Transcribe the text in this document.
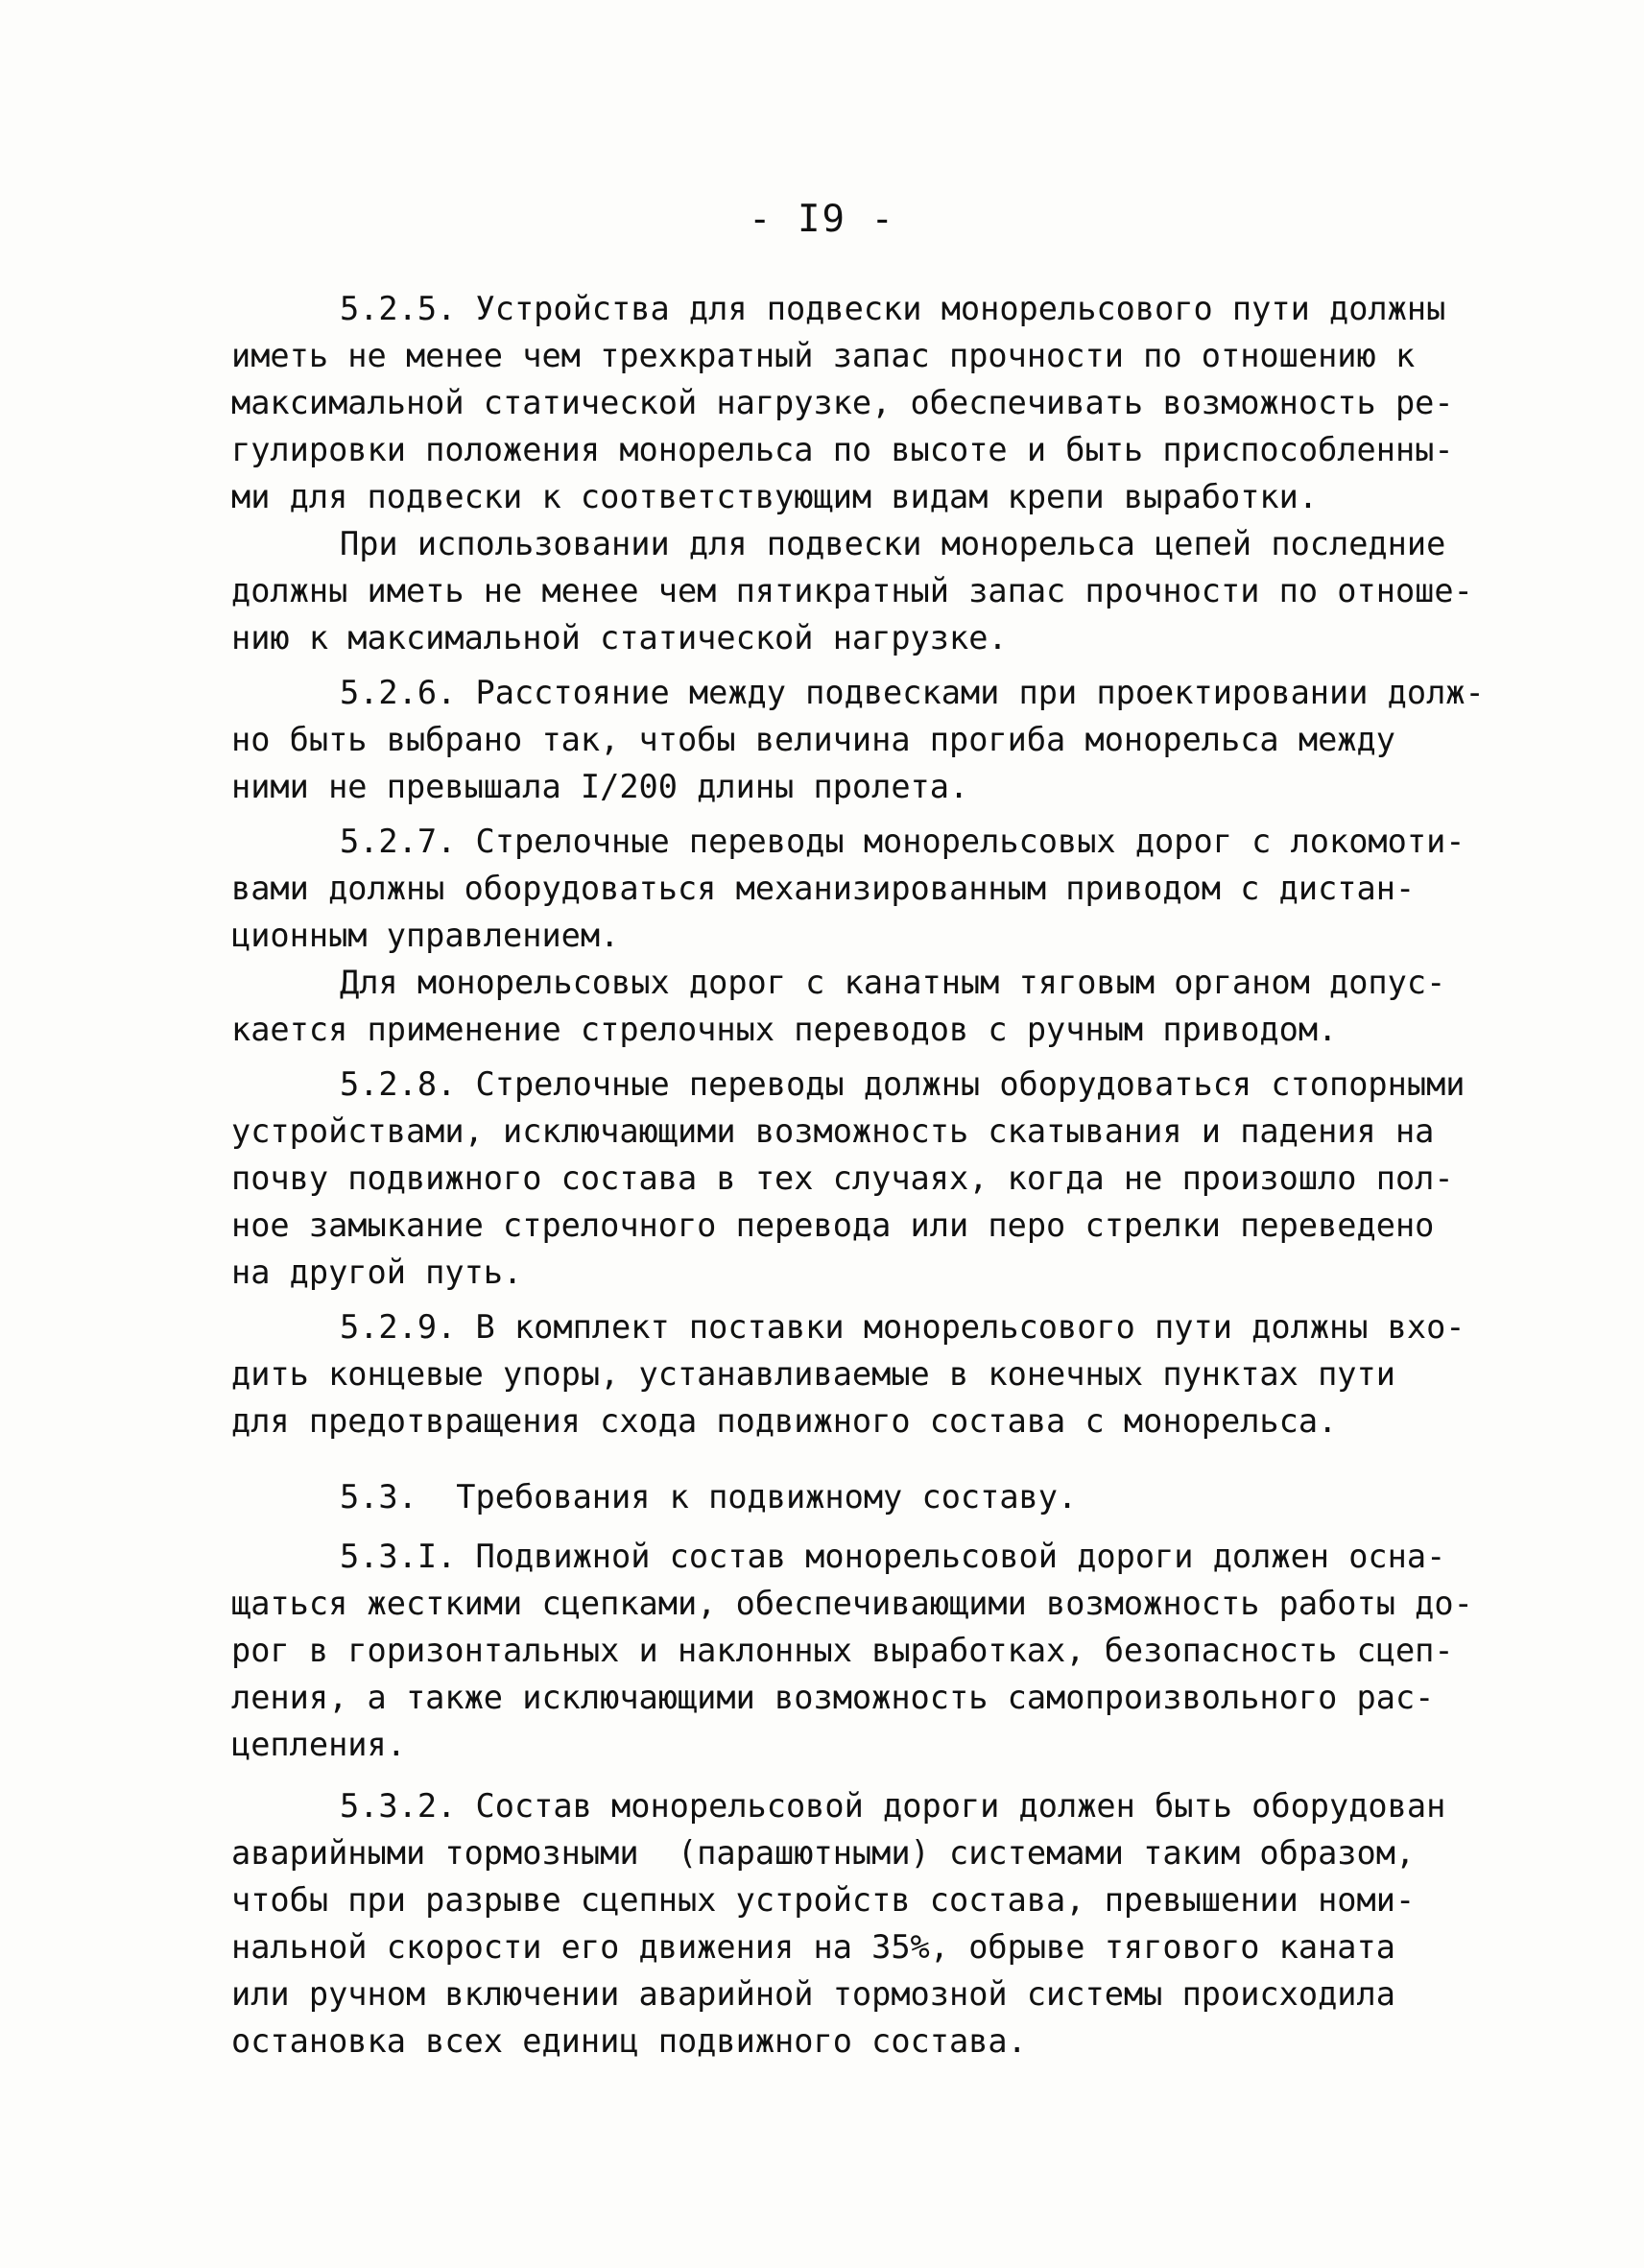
- I9 -
5.2.5. Устройства для подвески монорельсового пути должны
иметь не менее чем трехкратный запас прочности по отношению к
максимальной статической нагрузке, обеспечивать возможность ре-
гулировки положения монорельса по высоте и быть приспособленны-
ми для подвески к соответствующим видам крепи выработки.
При использовании для подвески монорельса цепей последние
должны иметь не менее чем пятикратный запас прочности по отноше-
нию к максимальной статической нагрузке.
5.2.6. Расстояние между подвесками при проектировании долж-
но быть выбрано так, чтобы величина прогиба монорельса между
ними не превышала I/200 длины пролета.
5.2.7. Стрелочные переводы монорельсовых дорог с локомоти-
вами должны оборудоваться механизированным приводом с дистан-
ционным управлением.
Для монорельсовых дорог с канатным тяговым органом допус-
кается применение стрелочных переводов с ручным приводом.
5.2.8. Стрелочные переводы должны оборудоваться стопорными
устройствами, исключающими возможность скатывания и падения на
почву подвижного состава в тех случаях, когда не произошло пол-
ное замыкание стрелочного перевода или перо стрелки переведено
на другой путь.
5.2.9. В комплект поставки монорельсового пути должны вхо-
дить концевые упоры, устанавливаемые в конечных пунктах пути
для предотвращения схода подвижного состава с монорельса.
5.3.  Требования к подвижному составу.
5.3.I. Подвижной состав монорельсовой дороги должен осна-
щаться жесткими сцепками, обеспечивающими возможность работы до-
рог в горизонтальных и наклонных выработках, безопасность сцеп-
ления, а также исключающими возможность самопроизвольного рас-
цепления.
5.3.2. Состав монорельсовой дороги должен быть оборудован
аварийными тормозными  (парашютными) системами таким образом,
чтобы при разрыве сцепных устройств состава, превышении номи-
нальной скорости его движения на 35%, обрыве тягового каната
или ручном включении аварийной тормозной системы происходила
остановка всех единиц подвижного состава.
